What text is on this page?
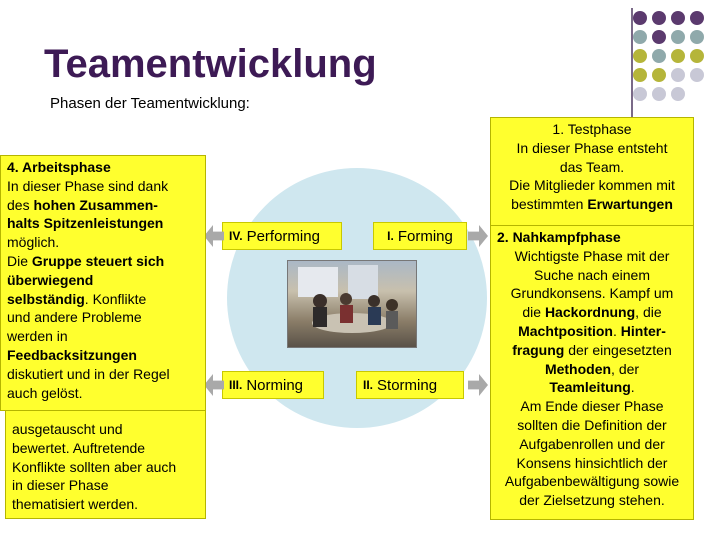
Teamentwicklung
Phasen der Teamentwicklung:
IV. Performing	I. Forming
III. Norming	II. Storming
ausgetauscht und
bewertet. Auftretende
Konflikte sollten aber auch
in dieser Phase
thematisiert werden.
4. Arbeitsphase
In dieser Phase sind dank
des hohen Zusammen-
halts Spitzenleistungen
möglich.
Die Gruppe steuert sich
überwiegend
selbständig. Konflikte
und andere Probleme
werden in
Feedbacksitzungen
diskutiert und in der Regel
auch gelöst.
1. Testphase
In dieser Phase entsteht
das Team.
Die Mitglieder kommen mit
bestimmten Erwartungen
2. Nahkampfphase
Wichtigste Phase mit der
Suche nach einem
Grundkonsens. Kampf um
die Hackordnung, die
Machtposition. Hinter-
fragung der eingesetzten
Methoden, der
Teamleitung.
Am Ende dieser Phase
sollten die Definition der
Aufgabenrollen und der
Konsens hinsichtlich der
Aufgabenbewältigung sowie
der Zielsetzung stehen.
